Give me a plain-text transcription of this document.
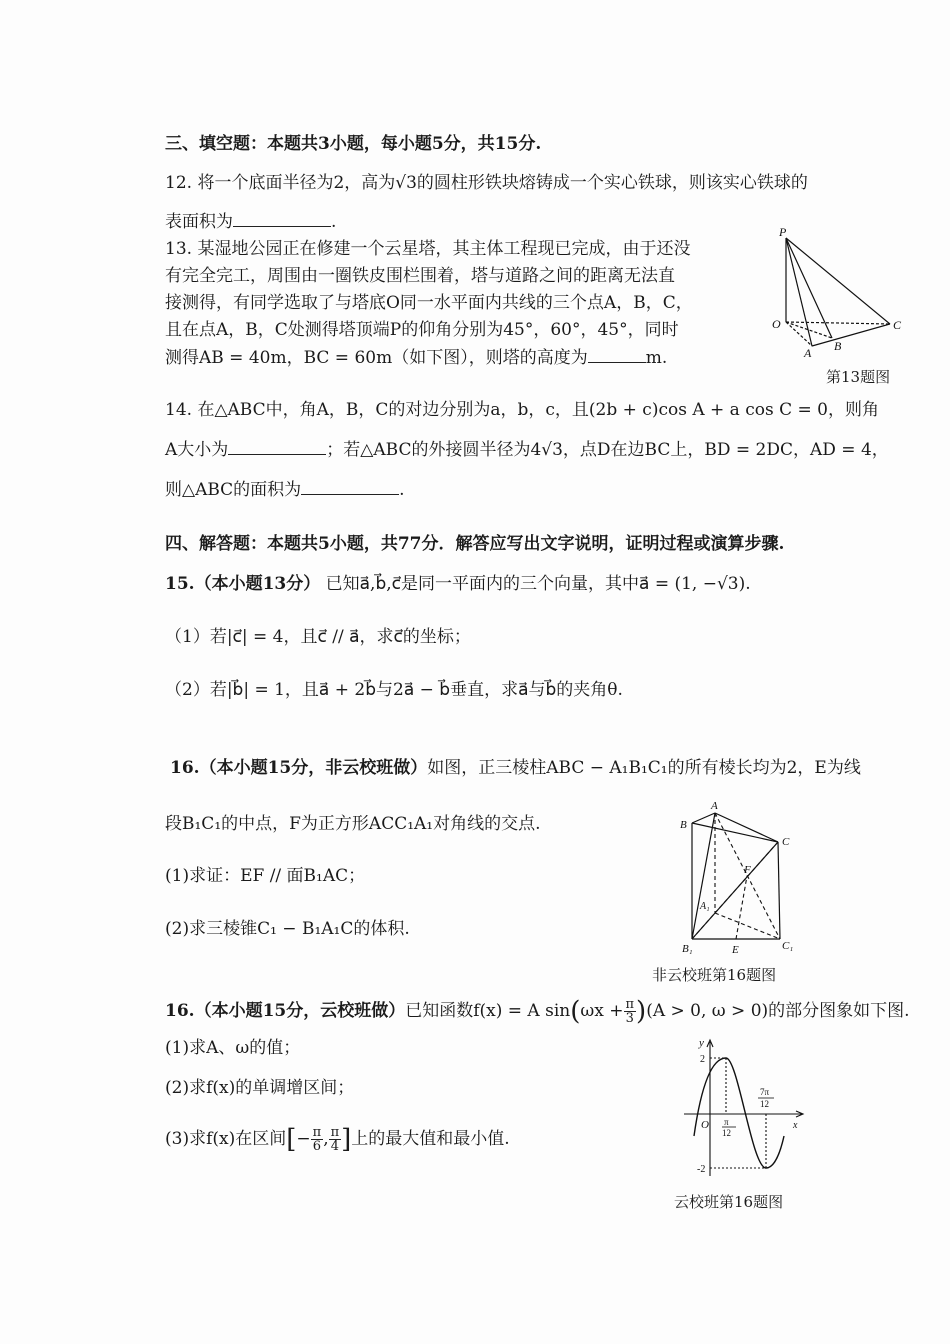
三、填空题：本题共3小题，每小题5分，共15分.
12. 将一个底面半径为2，高为√3的圆柱形铁块熔铸成一个实心铁球，则该实心铁球的
表面积为	.
13. 某湿地公园正在修建一个云星塔，其主体工程现已完成，由于还没
有完全完工，周围由一圈铁皮围栏围着，塔与道路之间的距离无法直
接测得，有同学选取了与塔底O同一水平面内共线的三个点A，B，C，
且在点A，B，C处测得塔顶端P的仰角分别为45°，60°，45°，同时
测得AB = 40m，BC = 60m（如下图），则塔的高度为	m.
P
O
A B
C
第13题图
14. 在△ABC中，角A，B，C的对边分别为a，b，c，且(2b + c)cos A + a cos C = 0，则角
A大小为	；若△ABC的外接圆半径为4√3，点D在边BC上，BD = 2DC，AD = 4，
则△ABC的面积为	.
四、解答题：本题共5小题，共77分．解答应写出文字说明，证明过程或演算步骤.
15.（本小题13分） 已知a⃗,b⃗,c⃗是同一平面内的三个向量，其中a⃗ = (1, −√3).
（1）若|c⃗| = 4，且c⃗ // a⃗，求c⃗的坐标；
（2）若|b⃗| = 1，且a⃗ + 2b⃗与2a⃗ − b⃗垂直，求a⃗与b⃗的夹角θ.
16.（本小题15分，非云校班做）如图，正三棱柱ABC − A₁B₁C₁的所有棱长均为2，E为线
段B₁C₁的中点，F为正方形ACC₁A₁对角线的交点.
(1)求证：EF // 面B₁AC；
(2)求三棱锥C₁ − B₁A₁C的体积.
A
B
C
F
A₁
B₁	E	C₁
非云校班第16题图
16.（本小题15分，云校班做）已知函数f(x) = A $\sin(\omega x + \frac{\pi}{3} )(A > 0$, ω > 0)的部分图象如下图.
(1)求A、ω的值；
(2)求f(x)的单调增区间；
(3)求f(x)在区间[− $\frac{\pi}{6}$ , $\frac{\pi}{4}$ ]上的最大值和最小值.
y
x
O
2
-2
π
12
7π
12
云校班第16题图
